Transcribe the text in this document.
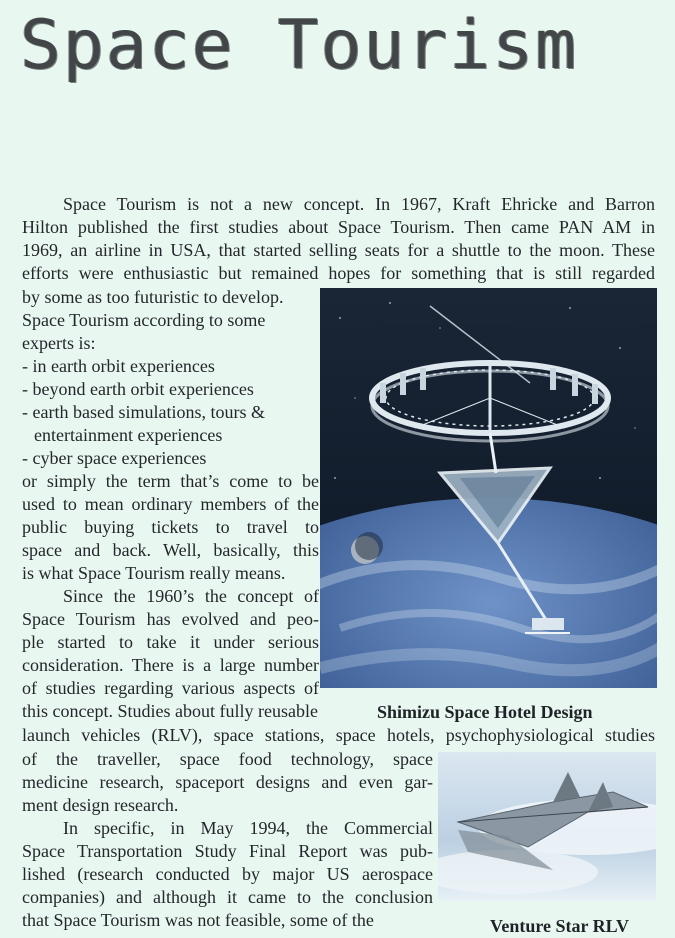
Space Tourism
Space Tourism is not a new concept. In 1967, Kraft Ehricke and Barron
Hilton published the first studies about Space Tourism. Then came PAN AM in
1969, an airline in USA, that started selling seats for a shuttle to the moon. These
efforts were enthusiastic but remained hopes for something that is still regarded
by some as too futuristic to develop.
Space Tourism according to some
experts is:
- in earth orbit experiences
- beyond earth orbit experiences
- earth based simulations, tours &
entertainment experiences
- cyber space experiences
or simply the term that’s come to be
used to mean ordinary members of the
public buying tickets to travel to
space and back. Well, basically, this
is what Space Tourism really means.
Since the 1960’s the concept of
Space Tourism has evolved and peo-
ple started to take it under serious
consideration. There is a large number
of studies regarding various aspects of
this concept. Studies about fully reusable	Shimizu Space Hotel Design
launch vehicles (RLV), space stations, space hotels, psychophysiological studies
of the traveller, space food technology, space
medicine research, spaceport designs and even gar-
ment design research.
In specific, in May 1994, the Commercial
Space Transportation Study Final Report was pub-
lished (research conducted by major US aerospace
companies) and although it came to the conclusion
that Space Tourism was not feasible, some of the	Venture Star RLV
